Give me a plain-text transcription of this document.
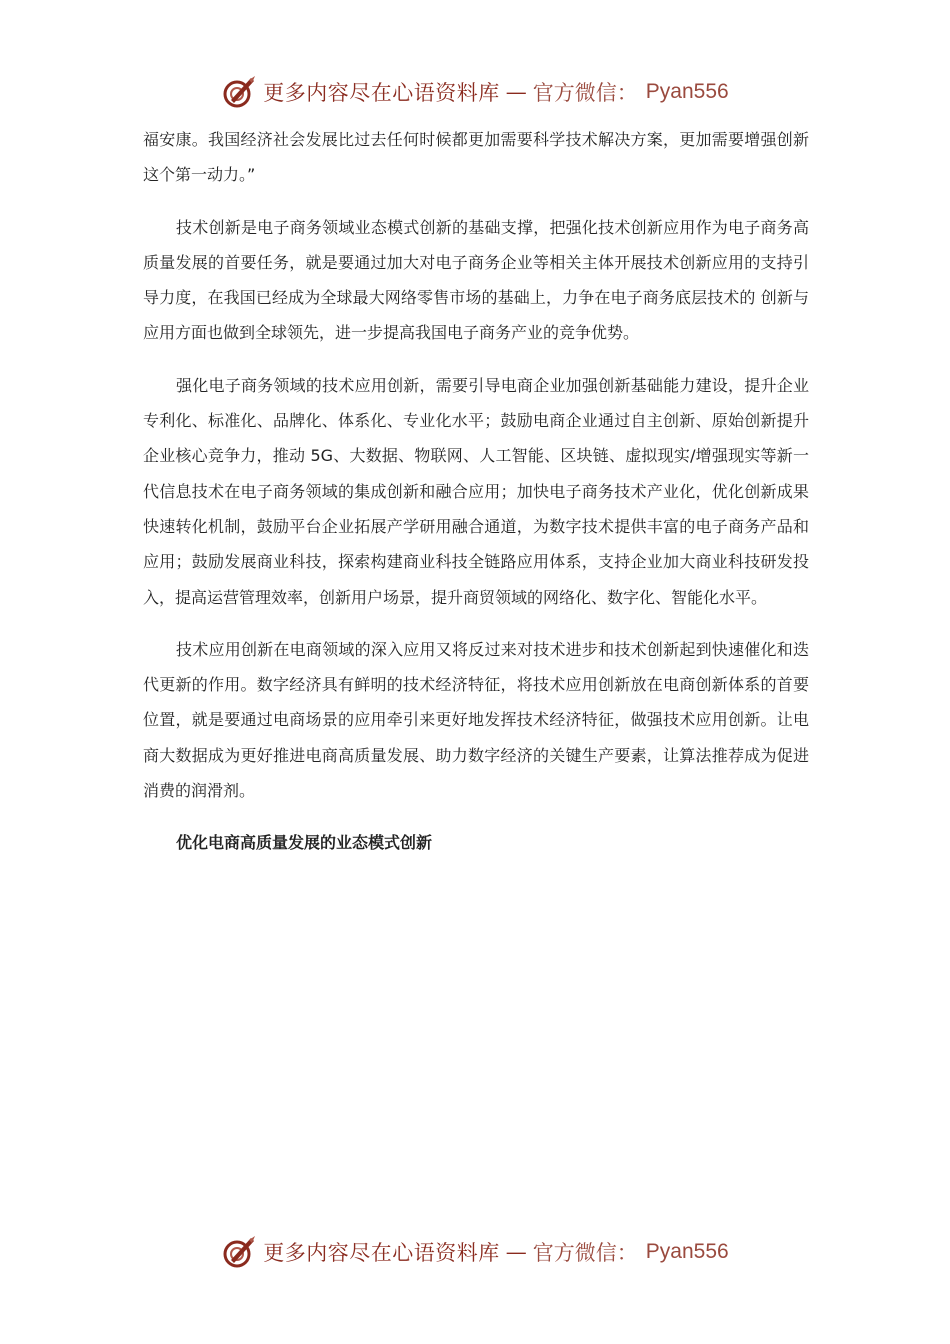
更多内容尽在心语资料库 — 官方微信： Pyan556

福安康。我国经济社会发展比过去任何时候都更加需要科学技术解决方案，更加需要增强创新这个第一动力。”

技术创新是电子商务领域业态模式创新的基础支撑，把强化技术创新应用作为电子商务高质量发展的首要任务，就是要通过加大对电子商务企业等相关主体开展技术创新应用的支持引导力度，在我国已经成为全球最大网络零售市场的基础上，力争在电子商务底层技术的 创新与应用方面也做到全球领先，进一步提高我国电子商务产业的竞争优势。

强化电子商务领域的技术应用创新，需要引导电商企业加强创新基础能力建设，提升企业专利化、标准化、品牌化、体系化、专业化水平；鼓励电商企业通过自主创新、原始创新提升企业核心竞争力，推动 5G、大数据、物联网、人工智能、区块链、虚拟现实/增强现实等新一代信息技术在电子商务领域的集成创新和融合应用；加快电子商务技术产业化，优化创新成果快速转化机制，鼓励平台企业拓展产学研用融合通道，为数字技术提供丰富的电子商务产品和应用；鼓励发展商业科技，探索构建商业科技全链路应用体系，支持企业加大商业科技研发投入，提高运营管理效率，创新用户场景，提升商贸领域的网络化、数字化、智能化水平。

技术应用创新在电商领域的深入应用又将反过来对技术进步和技术创新起到快速催化和迭代更新的作用。数字经济具有鲜明的技术经济特征，将技术应用创新放在电商创新体系的首要位置，就是要通过电商场景的应用牵引来更好地发挥技术经济特征，做强技术应用创新。让电商大数据成为更好推进电商高质量发展、助力数字经济的关键生产要素，让算法推荐成为促进消费的润滑剂。

优化电商高质量发展的业态模式创新

更多内容尽在心语资料库 — 官方微信： Pyan556
